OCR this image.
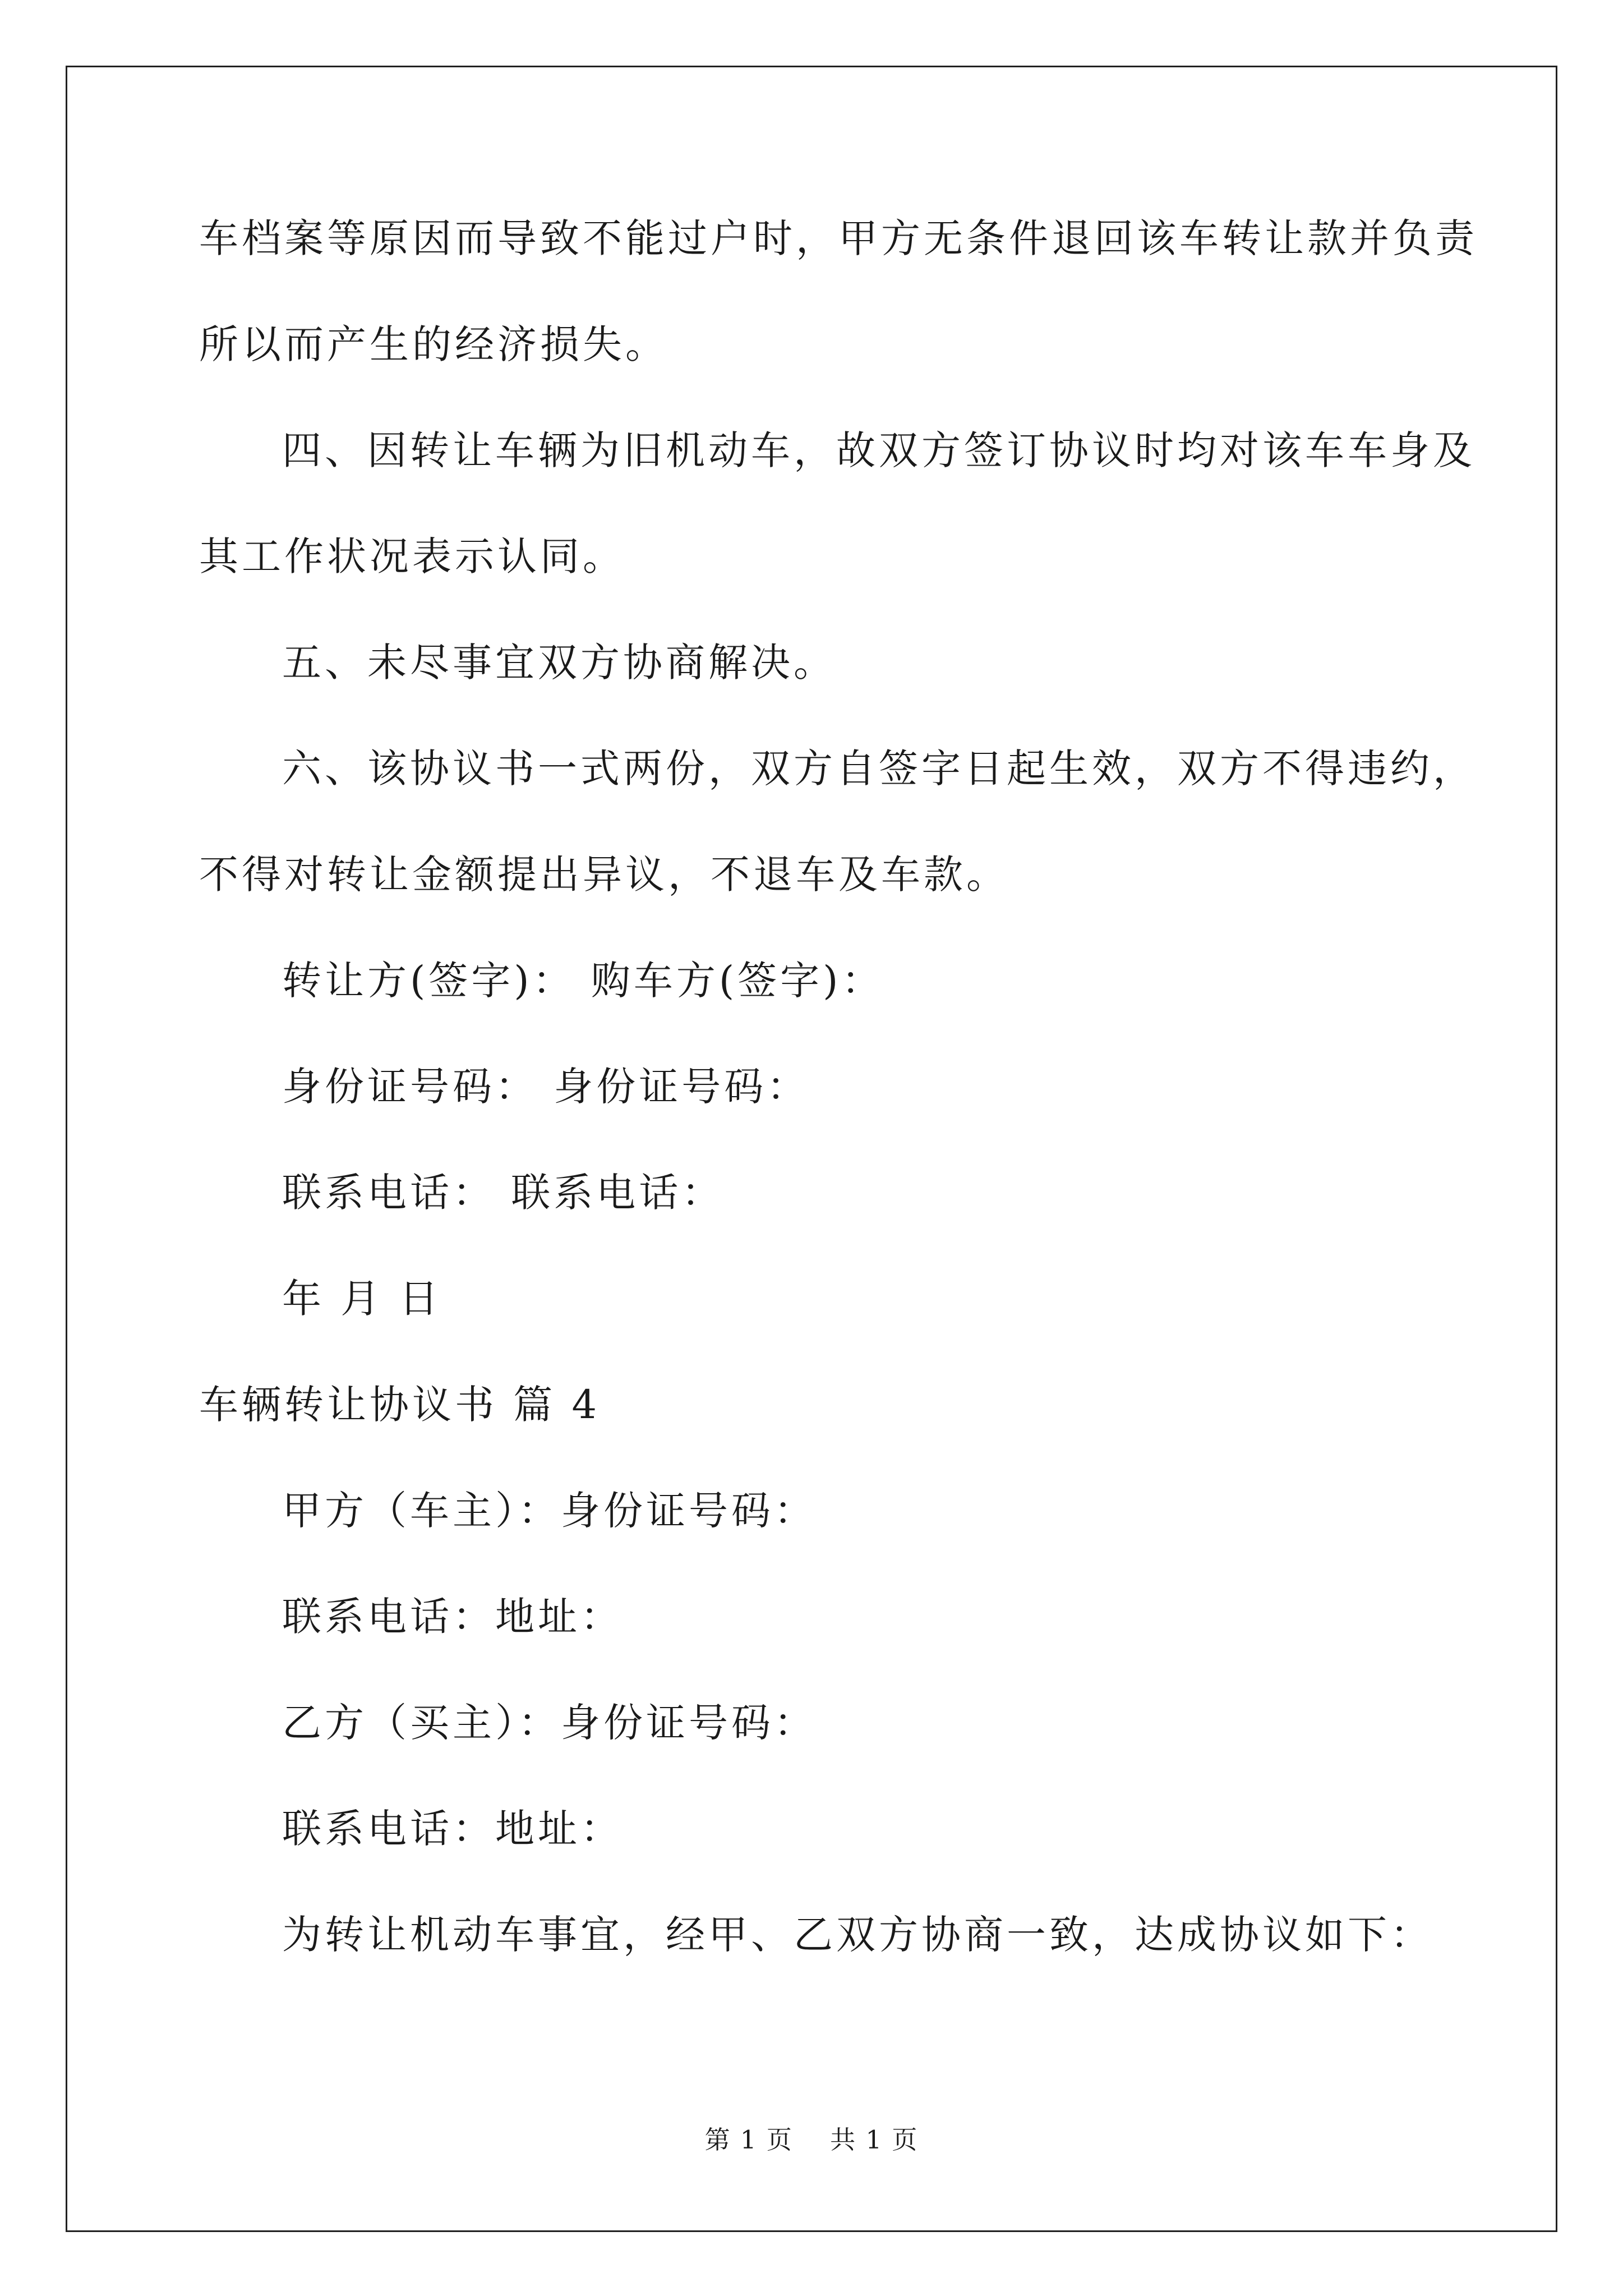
车档案等原因而导致不能过户时，甲方无条件退回该车转让款并负责

所以而产生的经济损失。

四、因转让车辆为旧机动车，故双方签订协议时均对该车车身及

其工作状况表示认同。

五、未尽事宜双方协商解决。

六、该协议书一式两份，双方自签字日起生效，双方不得违约，

不得对转让金额提出异议，不退车及车款。

转让方(签字)： 购车方(签字)：

身份证号码： 身份证号码：

联系电话： 联系电话：

年 月 日

车辆转让协议书 篇 4

甲方（车主）：身份证号码：

联系电话：地址：

乙方（买主）：身份证号码：

联系电话：地址：

为转让机动车事宜，经甲、乙双方协商一致，达成协议如下：

第 1 页 共 1 页
